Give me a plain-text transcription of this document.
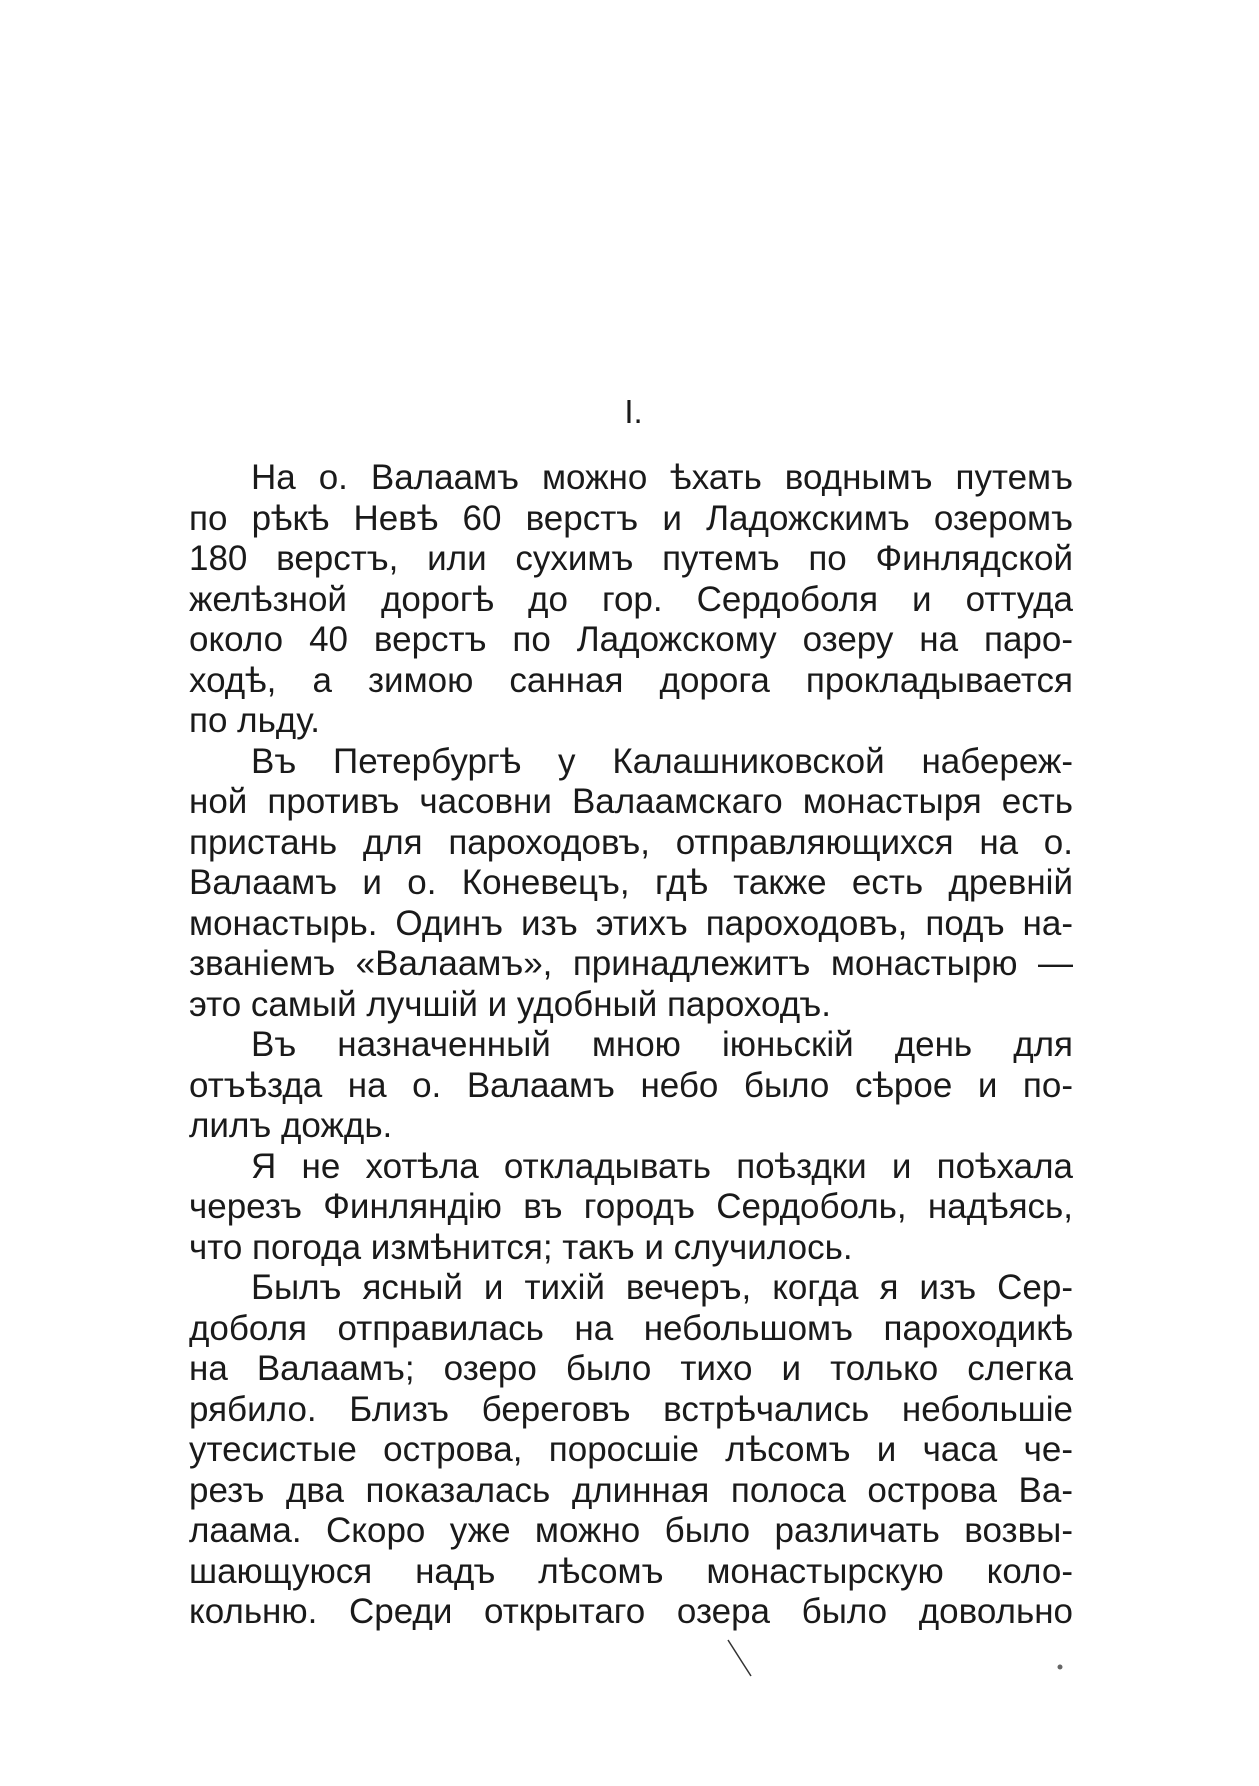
I.
На о. Валаамъ можно ѣхать воднымъ путемъ
по рѣкѣ Невѣ 60 верстъ и Ладожскимъ озеромъ
180 верстъ, или сухимъ путемъ по Финлядской
желѣзной дорогѣ до гор. Сердоболя и оттуда
около 40 верстъ по Ладожскому озеру на паро-
ходѣ, а зимою санная дорога прокладывается
по льду.
Въ Петербургѣ у Калашниковской набереж-
ной противъ часовни Валаамскаго монастыря есть
пристань для пароходовъ, отправляющихся на о.
Валаамъ и о. Коневецъ, гдѣ также есть древній
монастырь. Одинъ изъ этихъ пароходовъ, подъ на-
званіемъ «Валаамъ», принадлежитъ монастырю —
это самый лучшій и удобный пароходъ.
Въ назначенный мною іюньскій день для
отъѣзда на о. Валаамъ небо было сѣрое и по-
лилъ дождь.
Я не хотѣла откладывать поѣздки и поѣхала
черезъ Финляндію въ городъ Сердоболь, надѣясь,
что погода измѣнится; такъ и случилось.
Былъ ясный и тихій вечеръ, когда я изъ Сер-
доболя отправилась на небольшомъ пароходикѣ
на Валаамъ; озеро было тихо и только слегка
рябило. Близъ береговъ встрѣчались небольшіе
утесистые острова, поросшіе лѣсомъ и часа че-
резъ два показалась длинная полоса острова Ва-
лаама. Скоро уже можно было различать возвы-
шающуюся надъ лѣсомъ монастырскую коло-
кольню. Среди открытаго озера было довольно
